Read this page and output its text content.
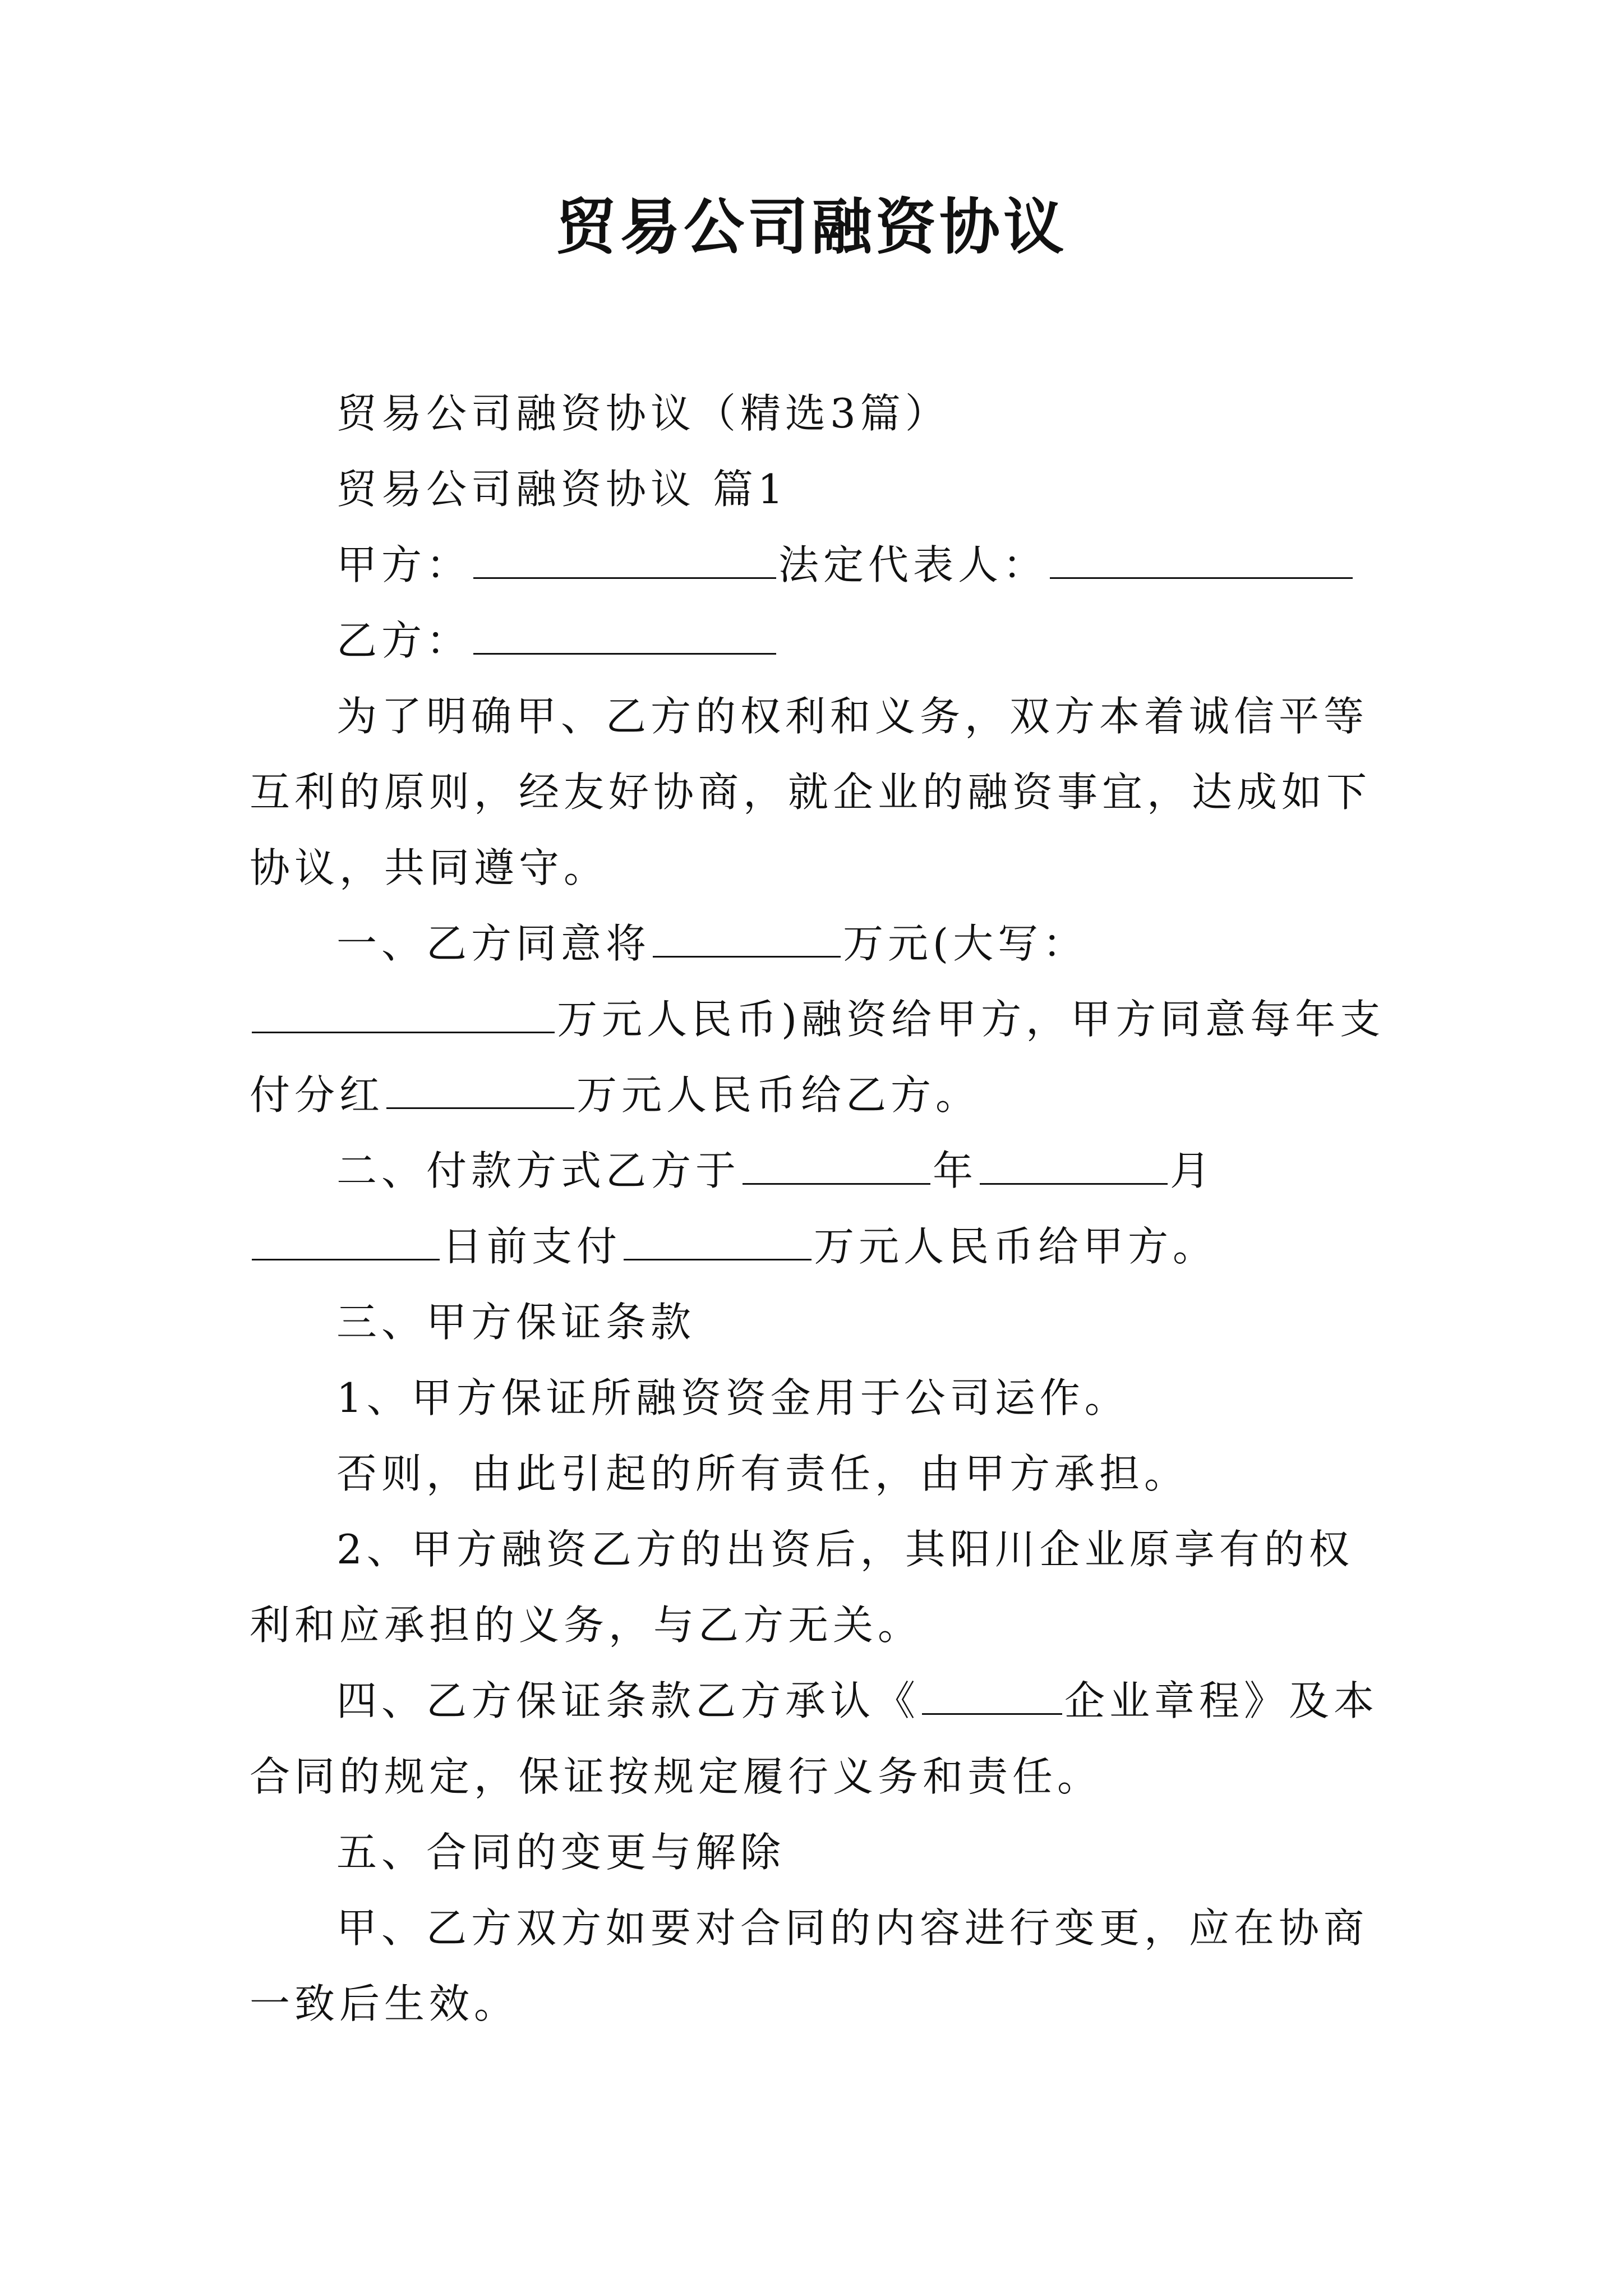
贸易公司融资协议

贸易公司融资协议（精选3篇）

贸易公司融资协议 篇1

甲方：	法定代表人：

乙方：

为了明确甲、乙方的权利和义务，双方本着诚信平等互利的原则，经友好协商，就企业的融资事宜，达成如下协议，共同遵守。

一、乙方同意将	万元(大写：万元人民币)融资给甲方，甲方同意每年支付分红	万元人民币给乙方。

二、付款方式乙方于	年	月日前支付	万元人民币给甲方。

三、甲方保证条款

1、甲方保证所融资资金用于公司运作。

否则，由此引起的所有责任，由甲方承担。

2、甲方融资乙方的出资后，其阳川企业原享有的权利和应承担的义务，与乙方无关。

四、乙方保证条款乙方承认《	企业章程》及本合同的规定，保证按规定履行义务和责任。

五、合同的变更与解除

甲、乙方双方如要对合同的内容进行变更，应在协商一致后生效。
